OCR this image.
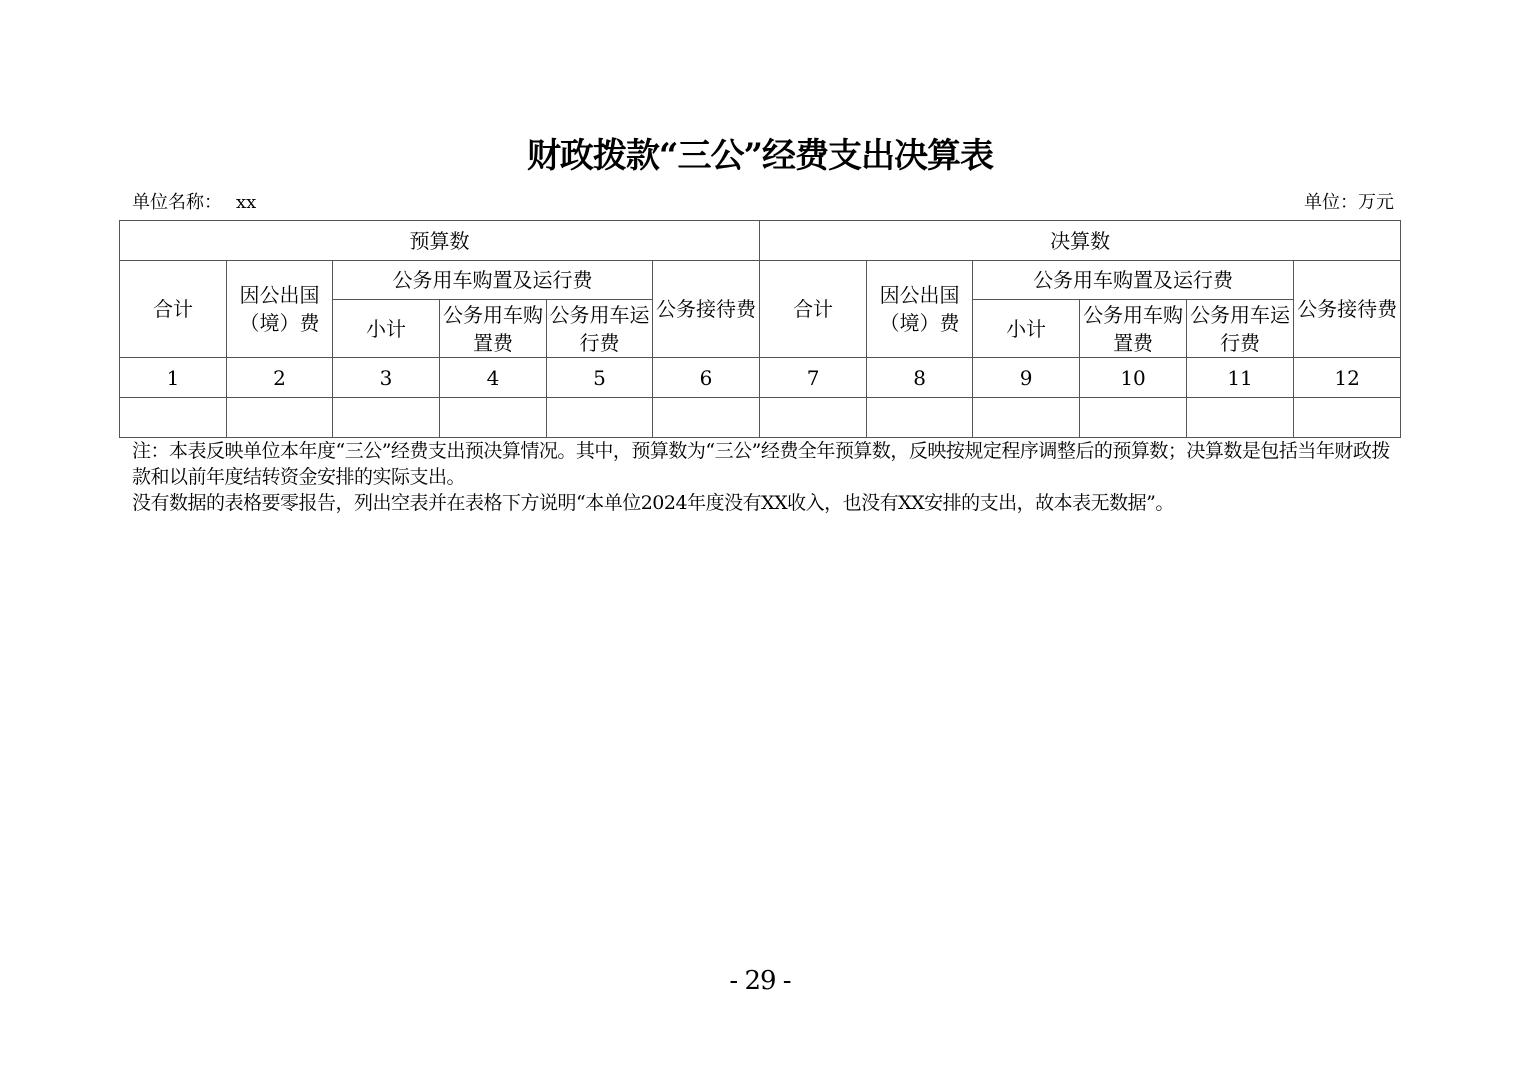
财政拨款“三公”经费支出决算表
单位名称： xx	单位：万元
预算数						决算数					
合计	因公出国（境）费	公务用车购置及运行费			公务接待费	合计	因公出国（境）费	公务用车购置及运行费			公务接待费
		小计	公务用车购置费	公务用车运行费				小计	公务用车购置费	公务用车运行费	
1	2	3	4	5	6	7	8	9	10	11	12

注：本表反映单位本年度“三公”经费支出预决算情况。其中，预算数为“三公”经费全年预算数，反映按规定程序调整后的预算数；决算数是包括当年财政拨款和以前年度结转资金安排的实际支出。

没有数据的表格要零报告，列出空表并在表格下方说明“本单位2024年度没有XX收入，也没有XX安排的支出，故本表无数据”。

- 29 -
